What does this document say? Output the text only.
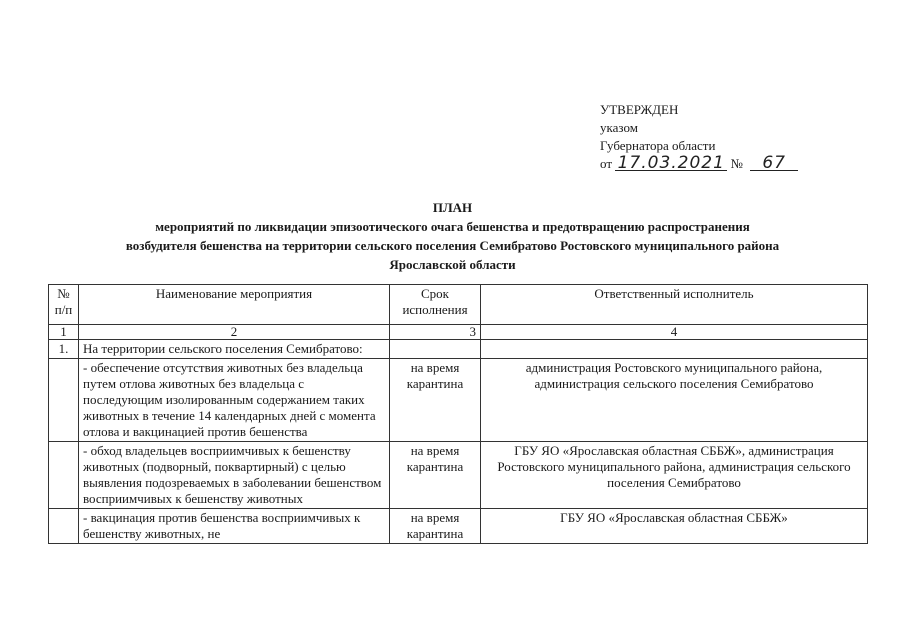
УТВЕРЖДЕН
указом
Губернатора области
от 17.03.2021 № 67
ПЛАН
мероприятий по ликвидации эпизоотического очага бешенства и предотвращению распространения
возбудителя бешенства на территории сельского поселения Семибратово Ростовского муниципального района
Ярославской области
№ п/п	Наименование мероприятия	Срок исполнения	Ответственный исполнитель
1	2	3	4
1.	На территории сельского поселения Семибратово:		
	- обеспечение отсутствия животных без владельца путем отлова животных без владельца с последующим изолированным содержанием таких животных в течение 14 календарных дней с момента отлова и вакцинацией против бешенства	на время карантина	администрация Ростовского муниципального района, администрация сельского поселения Семибратово
	- обход владельцев восприимчивых к бешенству животных (подворный, поквартирный) с целью выявления подозреваемых в заболевании бешенством восприимчивых к бешенству животных	на время карантина	ГБУ ЯО «Ярославская областная СББЖ», администрация Ростовского муниципального района, администрация сельского поселения Семибратово
	- вакцинация против бешенства восприимчивых к бешенству животных, не	на время карантина	ГБУ ЯО «Ярославская областная СББЖ»
